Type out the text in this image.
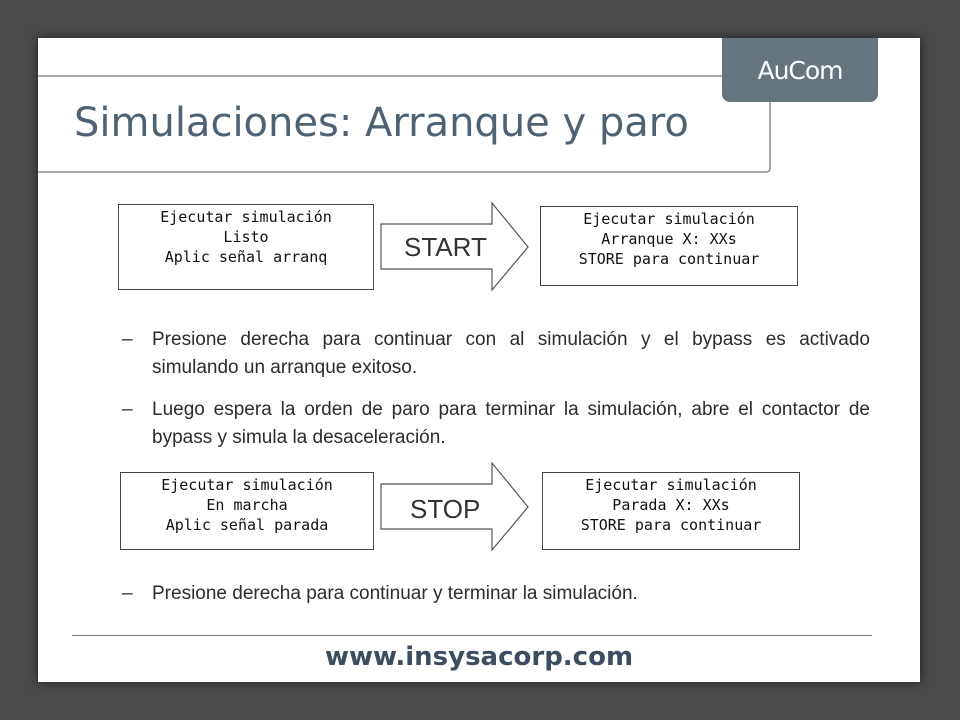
AuCom
Simulaciones: Arranque y paro
Ejecutar simulación
Listo
Aplic señal arranq	START
Ejecutar simulación
Arranque X: XXs
STORE para continuar
– Presione derecha para continuar con al simulación y el bypass es activado simulando un arranque exitoso.
– Luego espera la orden de paro para terminar la simulación, abre el contactor de bypass y simula la desaceleración.
Ejecutar simulación
En marcha
Aplic señal parada
STOP
Ejecutar simulación
Parada X: XXs
STORE para continuar
– Presione derecha para continuar y terminar la simulación.
www.insysacorp.com
